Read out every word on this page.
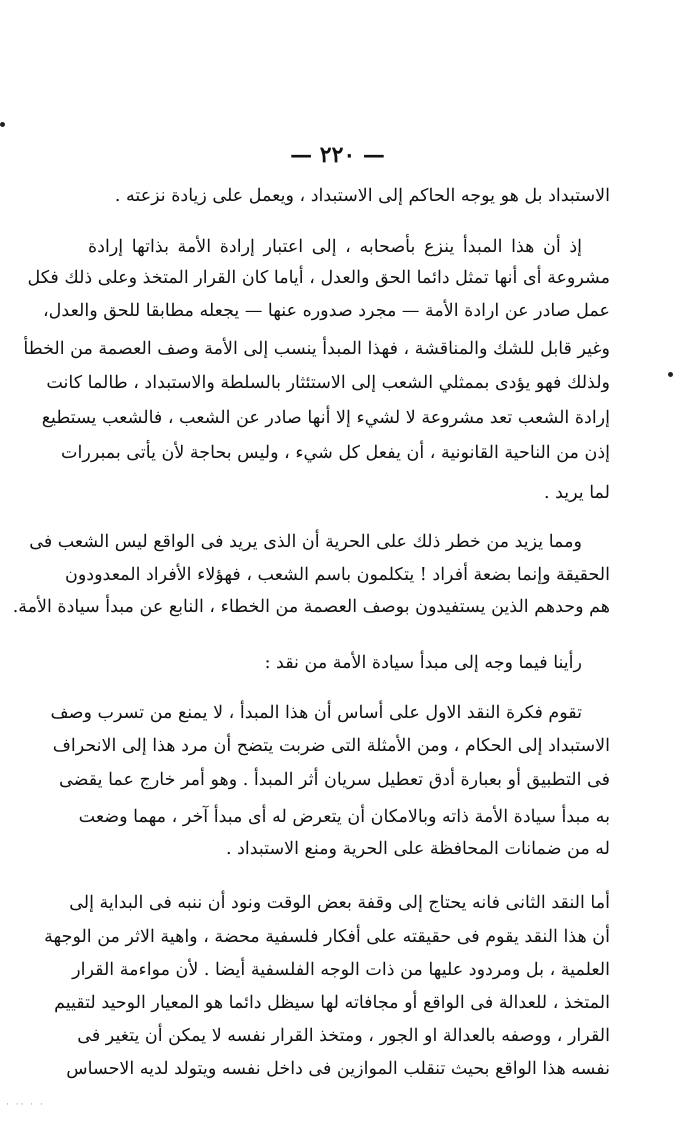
— ٢٢٠ —
الاستبداد بل هو يوجه الحاكم إلى الاستبداد ، ويعمل على زيادة نزعته .
إذ أن هذا المبدأ ينزع بأصحابه ، إلى اعتبار إرادة الأمة بذاتها إرادة
مشروعة أى أنها تمثل دائما الحق والعدل ، أياما كان القرار المتخذ وعلى ذلك فكل
عمل صادر عن ارادة الأمة — مجرد صدوره عنها — يجعله مطابقا للحق والعدل،
وغير قابل للشك والمناقشة ، فهذا المبدأ ينسب إلى الأمة وصف العصمة من الخطأ
ولذلك فهو يؤدى بممثلي الشعب إلى الاستئثار بالسلطة والاستبداد ، طالما كانت
إرادة الشعب تعد مشروعة لا لشيء إلا أنها صادر عن الشعب ، فالشعب يستطيع
إذن من الناحية القانونية ، أن يفعل كل شيء ، وليس بحاجة لأن يأتى بمبررات
لما يريد .
ومما يزيد من خطر ذلك على الحرية أن الذى يريد فى الواقع ليس الشعب فى
الحقيقة وإنما بضعة أفراد ! يتكلمون باسم الشعب ، فهؤلاء الأفراد المعدودون
هم وحدهم الذين يستفيدون بوصف العصمة من الخطاء ، النابع عن مبدأ سيادة الأمة.
رأينا فيما وجه إلى مبدأ سيادة الأمة من نقد :
تقوم فكرة النقد الاول على أساس أن هذا المبدأ ، لا يمنع من تسرب وصف
الاستبداد إلى الحكام ، ومن الأمثلة التى ضربت يتضح أن مرد هذا إلى الانحراف
فى التطبيق أو بعبارة أدق تعطيل سريان أثر المبدأ . وهو أمر خارج عما يقضى
به مبدأ سيادة الأمة ذاته وبالامكان أن يتعرض له أى مبدأ آخر ، مهما وضعت
له من ضمانات المحافظة على الحرية ومنع الاستبداد .
أما النقد الثانى فانه يحتاج إلى وقفة بعض الوقت ونود أن ننبه فى البداية إلى
أن هذا النقد يقوم فى حقيقته على أفكار فلسفية محضة ، واهية الاثر من الوجهة
العلمية ، بل ومردود عليها من ذات الوجه الفلسفية أيضا . لأن مواءمة القرار
المتخذ ، للعدالة فى الواقع أو مجافاته لها سيظل دائما هو المعيار الوحيد لتقييم
القرار ، ووصفه بالعدالة او الجور ، ومتخذ القرار نفسه لا يمكن أن يتغير فى
نفسه هذا الواقع بحيث تنقلب الموازين فى داخل نفسه ويتولد لديه الاحساس
· ·· · ·
